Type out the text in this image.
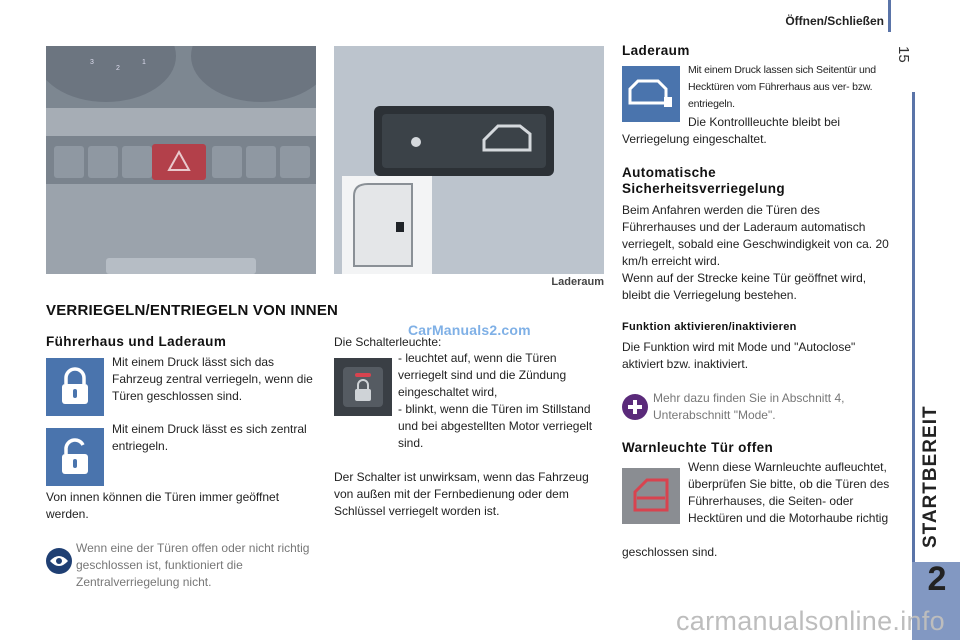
Öffnen/Schließen
15
STARTBEREIT
2
3
2
1
Laderaum
VERRIEGELN/ENTRIEGELN VON INNEN
Führerhaus und Laderaum
Mit einem Druck lässt sich das Fahrzeug zentral verriegeln, wenn die Türen geschlossen sind.
Mit einem Druck lässt es sich zentral entriegeln.
Von innen können die Türen immer geöffnet werden.
Wenn eine der Türen offen oder nicht richtig geschlossen ist, funktioniert die Zentralverriegelung nicht.
Die Schalterleuchte:
- leuchtet auf, wenn die Türen verriegelt sind und die Zündung eingeschaltet wird,
- blinkt, wenn die Türen im Stillstand und bei abgestellten Motor verriegelt sind.
Der Schalter ist unwirksam, wenn das Fahrzeug von außen mit der Fernbedienung oder dem Schlüssel verriegelt worden ist.
Laderaum
Mit einem Druck lassen sich Seitentür und Hecktüren vom Führerhaus aus ver- bzw. entriegeln.
Die Kontrollleuchte bleibt bei
Verriegelung eingeschaltet.
Automatische
Sicherheitsverriegelung
Beim Anfahren werden die Türen des Führerhauses und der Laderaum automatisch verriegelt, sobald eine Geschwindigkeit von ca. 20 km/h erreicht wird.
Wenn auf der Strecke keine Tür geöffnet wird, bleibt die Verriegelung bestehen.
Funktion aktivieren/inaktivieren
Die Funktion wird mit Mode und "Autoclose" aktiviert bzw. inaktiviert.
Mehr dazu finden Sie in Abschnitt 4, Unterabschnitt "Mode".
Warnleuchte Tür offen
Wenn diese Warnleuchte aufleuchtet, überprüfen Sie bitte, ob die Türen des Führerhauses, die Seiten- oder Hecktüren und die Motorhaube richtig
geschlossen sind.
CarManuals2.com
carmanualsonline.info
